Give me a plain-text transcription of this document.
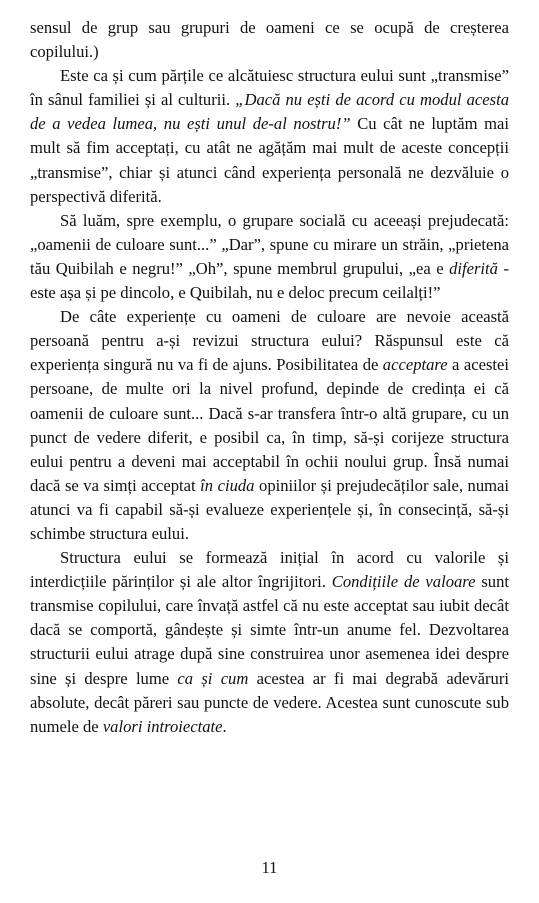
sensul de grup sau grupuri de oameni ce se ocupă de creșterea copilului.)

Este ca și cum părțile ce alcătuiesc structura eului sunt „transmise” în sânul familiei și al culturii. „Dacă nu ești de acord cu modul acesta de a vedea lumea, nu ești unul de-al nostru!” Cu cât ne luptăm mai mult să fim acceptați, cu atât ne agățăm mai mult de aceste concepții „transmise”, chiar și atunci când experiența personală ne dezvăluie o perspectivă diferită.

Să luăm, spre exemplu, o grupare socială cu aceeași prejudecată: „oamenii de culoare sunt...” „Dar”, spune cu mirare un străin, „prietena tău Quibilah e negru!” „Oh”, spune membrul grupului, „ea e diferită - este așa și pe dincolo, e Quibilah, nu e deloc precum ceilalți!”

De câte experiențe cu oameni de culoare are nevoie această persoană pentru a-și revizui structura eului? Răspunsul este că experiența singură nu va fi de ajuns. Posibilitatea de acceptare a acestei persoane, de multe ori la nivel profund, depinde de credința ei că oamenii de culoare sunt... Dacă s-ar transfera într-o altă grupare, cu un punct de vedere diferit, e posibil ca, în timp, să-și corijeze structura eului pentru a deveni mai acceptabil în ochii noului grup. Însă numai dacă se va simți acceptat în ciuda opiniilor și prejudecăților sale, numai atunci va fi capabil să-și evalueze experiențele și, în consecință, să-și schimbe structura eului.

Structura eului se formează inițial în acord cu valorile și interdicțiile părinților și ale altor îngrijitori. Condițiile de valoare sunt transmise copilului, care învață astfel că nu este acceptat sau iubit decât dacă se comportă, gândește și simte într-un anume fel. Dezvoltarea structurii eului atrage după sine construirea unor asemenea idei despre sine și despre lume ca și cum acestea ar fi mai degrabă adevăruri absolute, decât păreri sau puncte de vedere. Acestea sunt cunoscute sub numele de valori introiectate.

11
